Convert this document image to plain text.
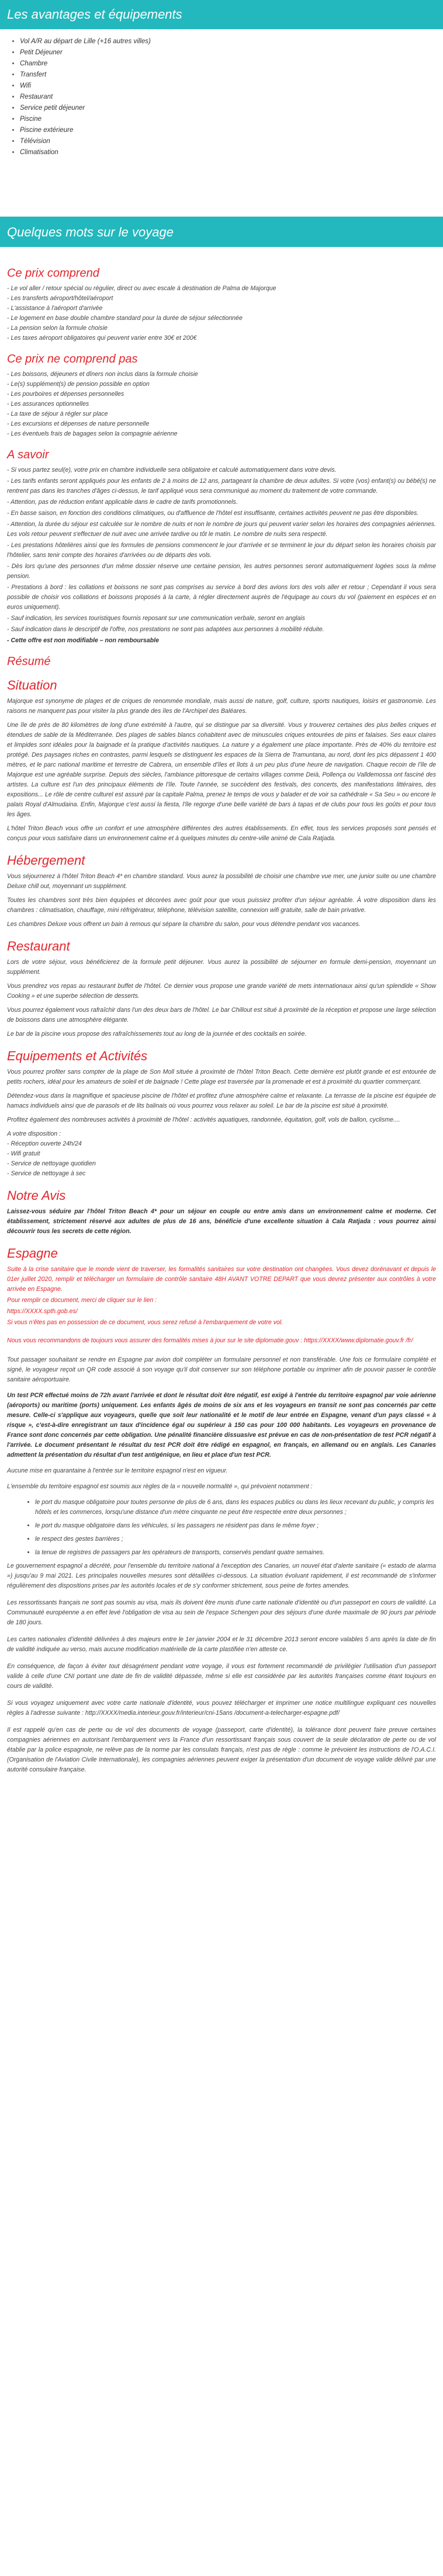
Les avantages et équipements
• Vol A/R au départ de Lille (+16 autres villes)
• Petit Déjeuner
• Chambre
• Transfert
• Wifi
• Restaurant
• Service petit déjeuner
• Piscine
• Piscine extérieure
• Télévision
• Climatisation
Quelques mots sur le voyage
Ce prix comprend

- Le vol aller / retour spécial ou régulier, direct ou avec escale à destination de Palma de Majorque

- Les transferts aéroport/hôtel/aéroport

- L'assistance à l'aéroport d'arrivée

- Le logement en base double chambre standard pour la durée de séjour sélectionnée

- La pension selon la formule choisie

- Les taxes aéroport obligatoires qui peuvent varier entre 30€ et 200€

Ce prix ne comprend pas

- Les boissons, déjeuners et dîners non inclus dans la formule choisie

- Le(s) supplément(s) de pension possible en option

- Les pourboires et dépenses personnelles

- Les assurances optionnelles

- La taxe de séjour à régler sur place

- Les excursions et dépenses de nature personnelle

- Les éventuels frais de bagages selon la compagnie aérienne

A savoir

- Si vous partez seul(e), votre prix en chambre individuelle sera obligatoire et calculé automatiquement dans votre devis.

- Les tarifs enfants seront appliqués pour les enfants de 2 à moins de 12 ans, partageant la chambre de deux adultes. Si votre (vos) enfant(s) ou bébé(s) ne rentrent pas dans les tranches d'âges ci-dessus, le tarif appliqué vous sera communiqué au moment du traitement de votre commande.

- Attention, pas de réduction enfant applicable dans le cadre de tarifs promotionnels.

- En basse saison, en fonction des conditions climatiques, ou d'affluence de l'hôtel est insuffisante, certaines activités peuvent ne pas être disponibles.

- Attention, la durée du séjour est calculée sur le nombre de nuits et non le nombre de jours qui peuvent varier selon les horaires des compagnies aériennes. Les vols retour peuvent s'effectuer de nuit avec une arrivée tardive ou tôt le matin. Le nombre de nuits sera respecté.

- Les prestations hôtelières ainsi que les formules de pensions commencent le jour d'arrivée et se terminent le jour du départ selon les horaires choisis par l'hôtelier, sans tenir compte des horaires d'arrivées ou de départs des vols.

- Dès lors qu'une des personnes d'un même dossier réserve une certaine pension, les autres personnes seront automatiquement logées sous la même pension.

- Prestations à bord : les collations et boissons ne sont pas comprises au service à bord des avions lors des vols aller et retour ; Cependant il vous sera possible de choisir vos collations et boissons proposés à la carte, à régler directement auprès de l'équipage au cours du vol (paiement en espèces et en euros uniquement).

- Sauf indication, les services touristiques fournis reposant sur une communication verbale, seront en anglais

- Sauf indication dans le descriptif de l'offre, nos prestations ne sont pas adaptées aux personnes à mobilité réduite.

- Cette offre est non modifiable – non remboursable

Résumé
Situation

Majorque est synonyme de plages et de criques de renommée mondiale, mais aussi de nature, golf, culture, sports nautiques, loisirs et gastronomie. Les raisons ne manquent pas pour visiter la plus grande des îles de l'Archipel des Baléares.

Une île de près de 80 kilomètres de long d'une extrémité à l'autre, qui se distingue par sa diversité. Vous y trouverez certaines des plus belles criques et étendues de sable de la Méditerranée. Des plages de sables blancs cohabitent avec de minuscules criques entourées de pins et falaises. Ses eaux claires et limpides sont idéales pour la baignade et la pratique d'activités nautiques. La nature y a également une place importante. Près de 40% du territoire est protégé. Des paysages riches en contrastes, parmi lesquels se distinguent les espaces de la Sierra de Tramuntana, au nord, dont les pics dépassent 1 400 mètres, et le parc national maritime et terrestre de Cabrera, un ensemble d'îles et îlots à un peu plus d'une heure de navigation. Chaque recoin de l'île de Majorque est une agréable surprise. Depuis des siècles, l'ambiance pittoresque de certains villages comme Deià, Pollença ou Valldemossa ont fasciné des artistes. La culture est l'un des principaux éléments de l'île. Toute l'année, se succèdent des festivals, des concerts, des manifestations littéraires, des expositions... Le rôle de centre culturel est assuré par la capitale Palma, prenez le temps de vous y balader et de voir sa cathédrale « Sa Seu » ou encore le palais Royal d'Almudaina. Enfin, Majorque c'est aussi la fiesta, l'île regorge d'une belle variété de bars à tapas et de clubs pour tous les goûts et pour tous les âges.

L'hôtel Triton Beach vous offre un confort et une atmosphère différentes des autres établissements. En effet, tous les services proposés sont pensés et conçus pour vous satisfaire dans un environnement calme et à quelques minutes du centre-ville animé de Cala Ratjada.

Hébergement

Vous séjournerez à l'hôtel Triton Beach 4* en chambre standard. Vous aurez la possibilité de choisir une chambre vue mer, une junior suite ou une chambre Deluxe chill out, moyennant un supplément.

Toutes les chambres sont très bien équipées et décorées avec goût pour que vous puissiez profiter d'un séjour agréable. À votre disposition dans les chambres : climatisation, chauffage, mini réfrigérateur, téléphone, télévision satellite, connexion wifi gratuite, salle de bain privative.

Les chambres Deluxe vous offrent un bain à remous qui sépare la chambre du salon, pour vous détendre pendant vos vacances.

Restaurant

Lors de votre séjour, vous bénéficierez de la formule petit déjeuner. Vous aurez la possibilité de séjourner en formule demi-pension, moyennant un supplément.

Vous prendrez vos repas au restaurant buffet de l'hôtel. Ce dernier vous propose une grande variété de mets internationaux ainsi qu'un splendide « Show Cooking » et une superbe sélection de desserts.

Vous pourrez également vous rafraîchir dans l'un des deux bars de l'hôtel. Le bar Chillout est situé à proximité de la réception et propose une large sélection de boissons dans une atmosphère élégante.

Le bar de la piscine vous propose des rafraîchissements tout au long de la journée et des cocktails en soirée.

Equipements et Activités

Vous pourrez profiter sans compter de la plage de Son Moll située à proximité de l'hôtel Triton Beach. Cette dernière est plutôt grande et est entourée de petits rochers, idéal pour les amateurs de soleil et de baignade ! Cette plage est traversée par la promenade et est à proximité du quartier commerçant.

Détendez-vous dans la magnifique et spacieuse piscine de l'hôtel et profitez d'une atmosphère calme et relaxante. La terrasse de la piscine est équipée de hamacs individuels ainsi que de parasols et de lits balinais où vous pourrez vous relaxer au soleil. Le bar de la piscine est situé à proximité.

Profitez également des nombreuses activités à proximité de l'hôtel : activités aquatiques, randonnée, équitation, golf, vols de ballon, cyclisme....

A votre disposition :

- Réception ouverte 24h/24

- Wifi gratuit

- Service de nettoyage quotidien

- Service de nettoyage à sec

Notre Avis

Laissez-vous séduire par l'hôtel Triton Beach 4* pour un séjour en couple ou entre amis dans un environnement calme et moderne. Cet établissement, strictement réservé aux adultes de plus de 16 ans, bénéficie d'une excellente situation à Cala Ratjada : vous pourrez ainsi découvrir tous les secrets de cette région.

Espagne

Suite à la crise sanitaire que le monde vient de traverser, les formalités sanitaires sur votre destination ont changées. Vous devez dorénavant et depuis le 01er juillet 2020, remplir et télécharger un formulaire de contrôle sanitaire 48H AVANT VOTRE DEPART que vous devrez présenter aux contrôles à votre arrivée en Espagne.

Pour remplir ce document, merci de cliquer sur le lien :

https://XXXX.spth.gob.es/

Si vous n'êtes pas en possession de ce document, vous serez refusé à l'embarquement de votre vol.

Nous vous recommandons de toujours vous assurer des formalités mises à jour sur le site diplomatie.gouv : https://XXXX/www.diplomatie.gouv.fr /fr/

Tout passager souhaitant se rendre en Espagne par avion doit compléter un formulaire personnel et non transférable. Une fois ce formulaire complété et signé, le voyageur reçoit un QR code associé à son voyage qu'il doit conserver sur son téléphone portable ou imprimer afin de pouvoir passer le contrôle sanitaire aéroportuaire.

Un test PCR effectué moins de 72h avant l'arrivée et dont le résultat doit être négatif, est exigé à l'entrée du territoire espagnol par voie aérienne (aéroports) ou maritime (ports) uniquement. Les enfants âgés de moins de six ans et les voyageurs en transit ne sont pas concernés par cette mesure. Celle-ci s'applique aux voyageurs, quelle que soit leur nationalité et le motif de leur entrée en Espagne, venant d'un pays classé « à risque », c'est-à-dire enregistrant un taux d'incidence égal ou supérieur à 150 cas pour 100 000 habitants. Les voyageurs en provenance de France sont donc concernés par cette obligation. Une pénalité financière dissuasive est prévue en cas de non-présentation de test PCR négatif à l'arrivée. Le document présentant le résultat du test PCR doit être rédigé en espagnol, en français, en allemand ou en anglais. Les Canaries admettent la présentation du résultat d'un test antigénique, en lieu et place d'un test PCR.

Aucune mise en quarantaine à l'entrée sur le territoire espagnol n'est en vigueur.

L'ensemble du territoire espagnol est soumis aux règles de la « nouvelle normalité », qui prévoient notamment :

• le port du masque obligatoire pour toutes personne de plus de 6 ans, dans les espaces publics ou dans les lieux recevant du public, y compris les hôtels et les commerces, lorsqu'une distance d'un mètre cinquante ne peut être respectée entre deux personnes ;
• le port du masque obligatoire dans les véhicules, si les passagers ne résident pas dans le même foyer ;
• le respect des gestes barrières ;
• la tenue de registres de passagers par les opérateurs de transports, conservés pendant quatre semaines.

Le gouvernement espagnol a décrété, pour l'ensemble du territoire national à l'exception des Canaries, un nouvel état d'alerte sanitaire (« estado de alarma ») jusqu'au 9 mai 2021. Les principales nouvelles mesures sont détaillées ci-dessous. La situation évoluant rapidement, il est recommandé de s'informer régulièrement des dispositions prises par les autorités locales et de s'y conformer strictement, sous peine de fortes amendes.

Les ressortissants français ne sont pas soumis au visa, mais ils doivent être munis d'une carte nationale d'identité ou d'un passeport en cours de validité. La Communauté européenne a en effet levé l'obligation de visa au sein de l'espace Schengen pour des séjours d'une durée maximale de 90 jours par période de 180 jours.

Les cartes nationales d'identité délivrées à des majeurs entre le 1er janvier 2004 et le 31 décembre 2013 seront encore valables 5 ans après la date de fin de validité indiquée au verso, mais aucune modification matérielle de la carte plastifiée n'en atteste ce.

En conséquence, de façon à éviter tout désagrément pendant votre voyage, il vous est fortement recommandé de privilégier l'utilisation d'un passeport valide à celle d'une CNI portant une date de fin de validité dépassée, même si elle est considérée par les autorités françaises comme étant toujours en cours de validité.

Si vous voyagez uniquement avec votre carte nationale d'identité, vous pouvez télécharger et imprimer une notice multilingue expliquant ces nouvelles règles à l'adresse suivante : http://XXXX/media.interieur.gouv.fr/interieur/cni-15ans /document-a-telecharger-espagne.pdf/

Il est rappelé qu'en cas de perte ou de vol des documents de voyage (passeport, carte d'identité), la tolérance dont peuvent faire preuve certaines compagnies aériennes en autorisant l'embarquement vers la France d'un ressortissant français sous couvert de la seule déclaration de perte ou de vol établie par la police espagnole, ne relève pas de la norme par les consulats français, n'est pas de règle : comme le prévoient les instructions de l'O.A.C.I. (Organisation de l'Aviation Civile Internationale), les compagnies aériennes peuvent exiger la présentation d'un document de voyage valide délivré par une autorité consulaire française.
